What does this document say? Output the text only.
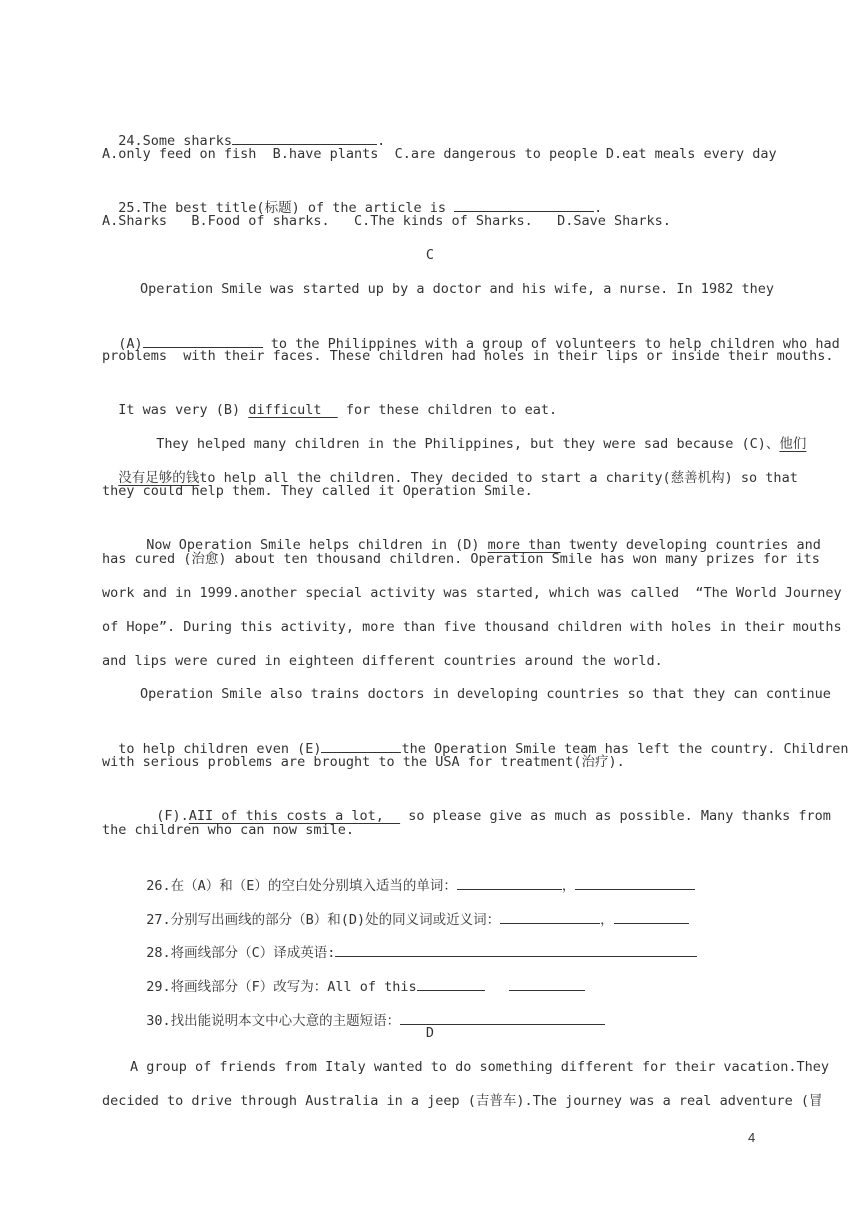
24.Some sharks	.

A.only feed on fish  B.have plants  C.are dangerous to people D.eat meals every day

25.The best title(标题) of the article is	.

A.Sharks   B.Food of sharks.   C.The kinds of Sharks.   D.Save Sharks.
C
Operation Smile was started up by a doctor and his wife, a nurse. In 1982 they

(A)	to the Philippines with a group of volunteers to help children who had

problems  with their faces. These children had holes in their lips or inside their mouths.

It was very (B) difficult   for these children to eat.

They helped many children in the Philippines, but they were sad because (C)、他们

没有足够的钱to help all the children. They decided to start a charity(慈善机构) so that

they could help them. They called it Operation Smile.

Now Operation Smile helps children in (D) more than twenty developing countries and

has cured (治愈) about ten thousand children. Operation Smile has won many prizes for its
work and in 1999.another special activity was started, which was called  “The World Journey
of Hope”. During this activity, more than five thousand children with holes in their mouths
and lips were cured in eighteen different countries around the world.
Operation Smile also trains doctors in developing countries so that they can continue

to help children even (E)	the Operation Smile team has left the country. Children

with serious problems are brought to the USA for treatment(治疗).

(F).AII of this costs a lot,   so please give as much as possible. Many thanks from

the children who can now smile.

26.在（A）和（E）的空白处分别填入适当的单词：	，

27.分别写出画线的部分（B）和(D)处的同义词或近义词：	，

28.将画线部分（C）译成英语:

29.将画线部分（F）改写为：All of this

30.找出能说明本文中心大意的主题短语：

D
A group of friends from Italy wanted to do something different for their vacation.They
decided to drive through Australia in a jeep (吉普车).The journey was a real adventure (冒
4
